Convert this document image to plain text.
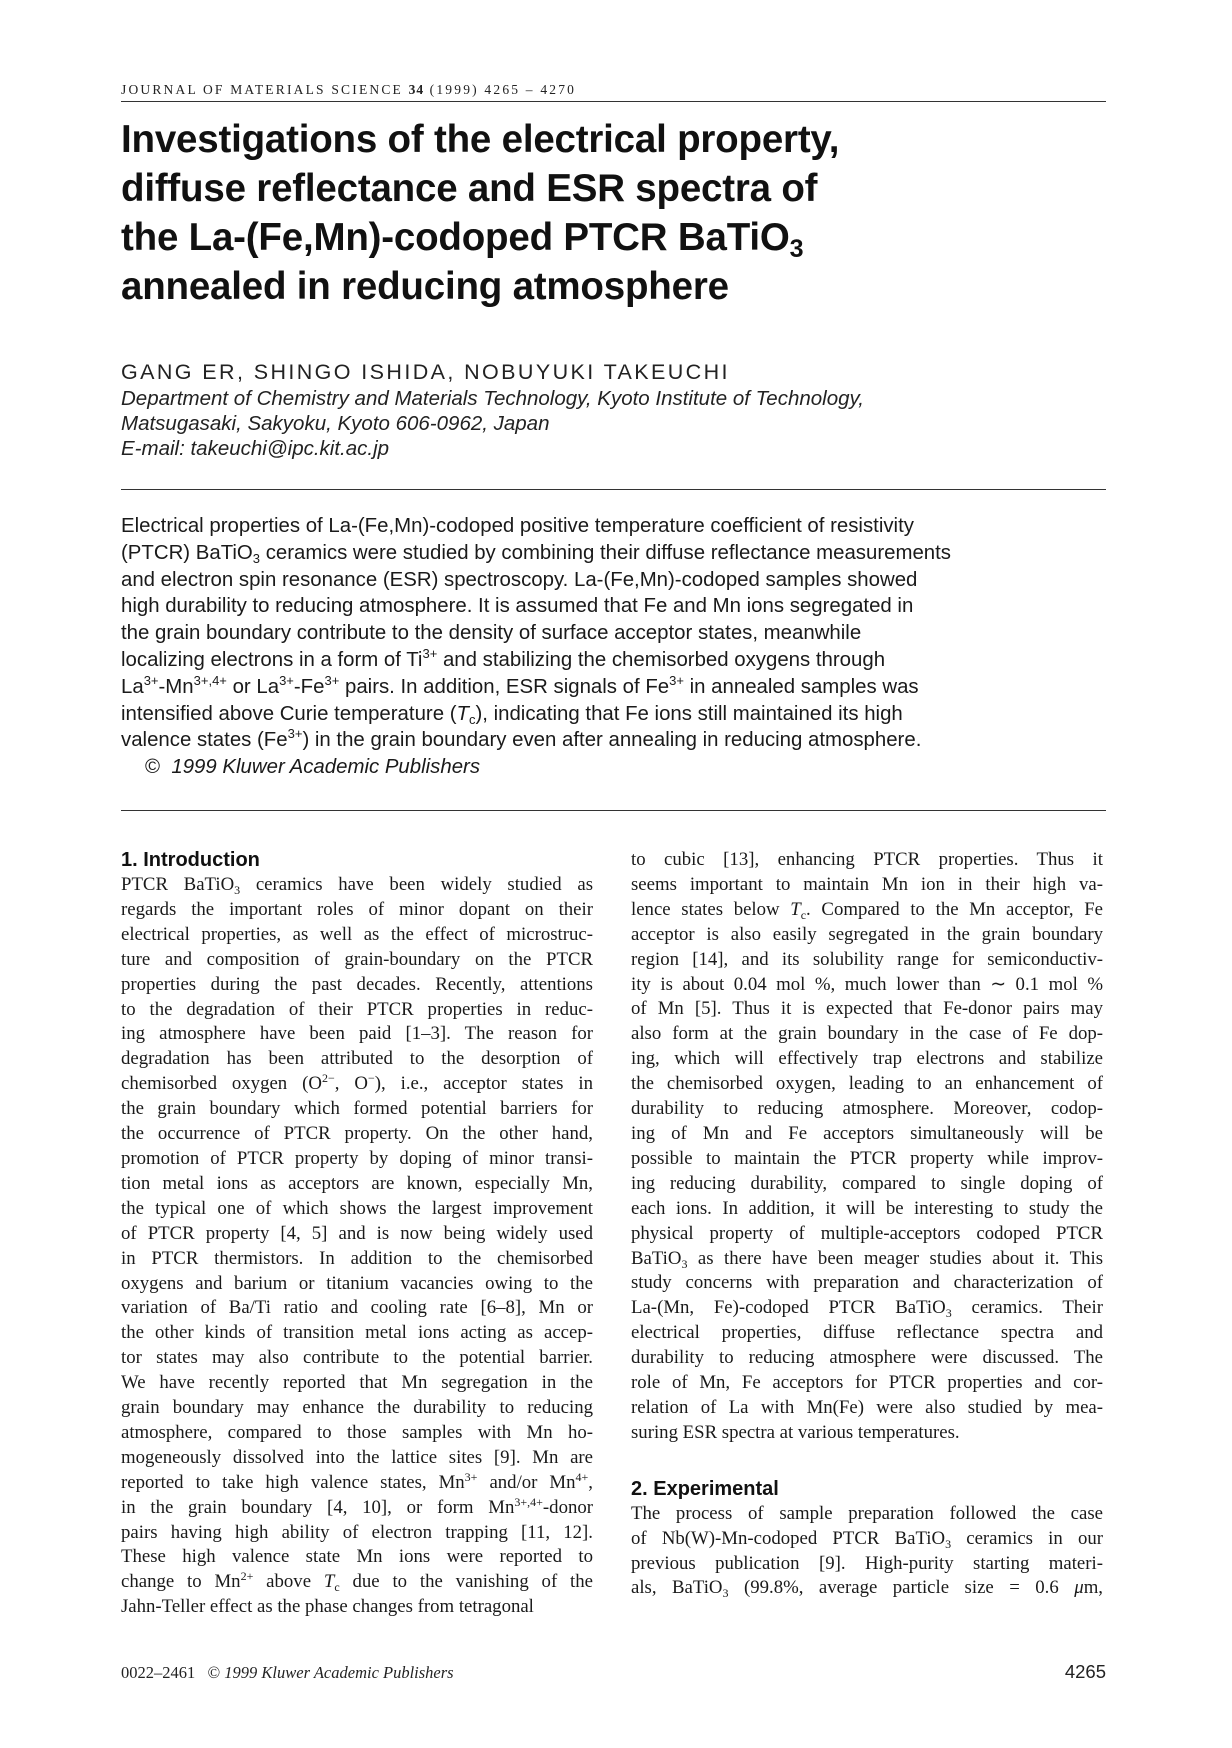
JOURNAL OF MATERIALS SCIENCE 34 (1999) 4265 – 4270
Investigations of the electrical property,
diffuse reflectance and ESR spectra of
the La-(Fe,Mn)-codoped PTCR BaTiO$_3$
annealed in reducing atmosphere
GANG ER, SHINGO ISHIDA, NOBUYUKI TAKEUCHI
Department of Chemistry and Materials Technology, Kyoto Institute of Technology,
Matsugasaki, Sakyoku, Kyoto 606-0962, Japan
E-mail: takeuchi@ipc.kit.ac.jp
Electrical properties of La-(Fe,Mn)-codoped positive temperature coefficient of resistivity
(PTCR) BaTiO$_3$ ceramics were studied by combining their diffuse reflectance measurements
and electron spin resonance (ESR) spectroscopy. La-(Fe,Mn)-codoped samples showed
high durability to reducing atmosphere. It is assumed that Fe and Mn ions segregated in
the grain boundary contribute to the density of surface acceptor states, meanwhile
localizing electrons in a form of $Ti^{3+}$ and stabilizing the chemisorbed oxygens through
$La^{3+}-Mn^{3+,4+}$ or $La^{3+}-Fe^{3+}$ pairs. In addition, ESR signals of $Fe^{3+}$ in annealed samples was
intensified above Curie temperature $(T_c)$, indicating that Fe ions still maintained its high
valence states $(Fe^{3+})$ in the grain boundary even after annealing in reducing atmosphere.
© 1999 Kluwer Academic Publishers
1. Introduction
PTCR BaTiO$_3$ ceramics have been widely studied as
regards the important roles of minor dopant on their
electrical properties, as well as the effect of microstruc-
ture and composition of grain-boundary on the PTCR
properties during the past decades. Recently, attentions
to the degradation of their PTCR properties in reduc-
ing atmosphere have been paid [1–3]. The reason for
degradation has been attributed to the desorption of
chemisorbed oxygen ($O^{2-}$, O−), i.e., acceptor states in
the grain boundary which formed potential barriers for
the occurrence of PTCR property. On the other hand,
promotion of PTCR property by doping of minor transi-
tion metal ions as acceptors are known, especially Mn,
the typical one of which shows the largest improvement
of PTCR property [4, 5] and is now being widely used
in PTCR thermistors. In addition to the chemisorbed
oxygens and barium or titanium vacancies owing to the
variation of Ba/Ti ratio and cooling rate [6–8], Mn or
the other kinds of transition metal ions acting as accep-
tor states may also contribute to the potential barrier.
We have recently reported that Mn segregation in the
grain boundary may enhance the durability to reducing
atmosphere, compared to those samples with Mn ho-
mogeneously dissolved into the lattice sites [9]. Mn are
reported to take high valence states, $Mn^{3+}$ and/or $Mn^{4+}$,
in the grain boundary [4, 10], or form $Mn^{3+,4+}$-donor
pairs having high ability of electron trapping [11, 12].
These high valence state Mn ions were reported to
change to $Mn^{2+}$ above $T_c$ due to the vanishing of the
Jahn-Teller effect as the phase changes from tetragonal
to cubic [13], enhancing PTCR properties. Thus it
seems important to maintain Mn ion in their high va-
lence states below $T_c$. Compared to the Mn acceptor, Fe
acceptor is also easily segregated in the grain boundary
region [14], and its solubility range for semiconductiv-
ity is about 0.04 mol %, much lower than ∼ 0.1 mol %
of Mn [5]. Thus it is expected that Fe-donor pairs may
also form at the grain boundary in the case of Fe dop-
ing, which will effectively trap electrons and stabilize
the chemisorbed oxygen, leading to an enhancement of
durability to reducing atmosphere. Moreover, codop-
ing of Mn and Fe acceptors simultaneously will be
possible to maintain the PTCR property while improv-
ing reducing durability, compared to single doping of
each ions. In addition, it will be interesting to study the
physical property of multiple-acceptors codoped PTCR
BaTiO$_3$ as there have been meager studies about it. This
study concerns with preparation and characterization of
La-(Mn, Fe)-codoped PTCR BaTiO$_3$ ceramics. Their
electrical properties, diffuse reflectance spectra and
durability to reducing atmosphere were discussed. The
role of Mn, Fe acceptors for PTCR properties and cor-
relation of La with Mn(Fe) were also studied by mea-
suring ESR spectra at various temperatures.
2. Experimental
The process of sample preparation followed the case
of Nb(W)-Mn-codoped PTCR BaTiO$_3$ ceramics in our
previous publication [9]. High-purity starting materi-
als, BaTiO$_3$ (99.8%, average particle size = 0.6 μm,
0022–2461 © 1999 Kluwer Academic Publishers	4265
